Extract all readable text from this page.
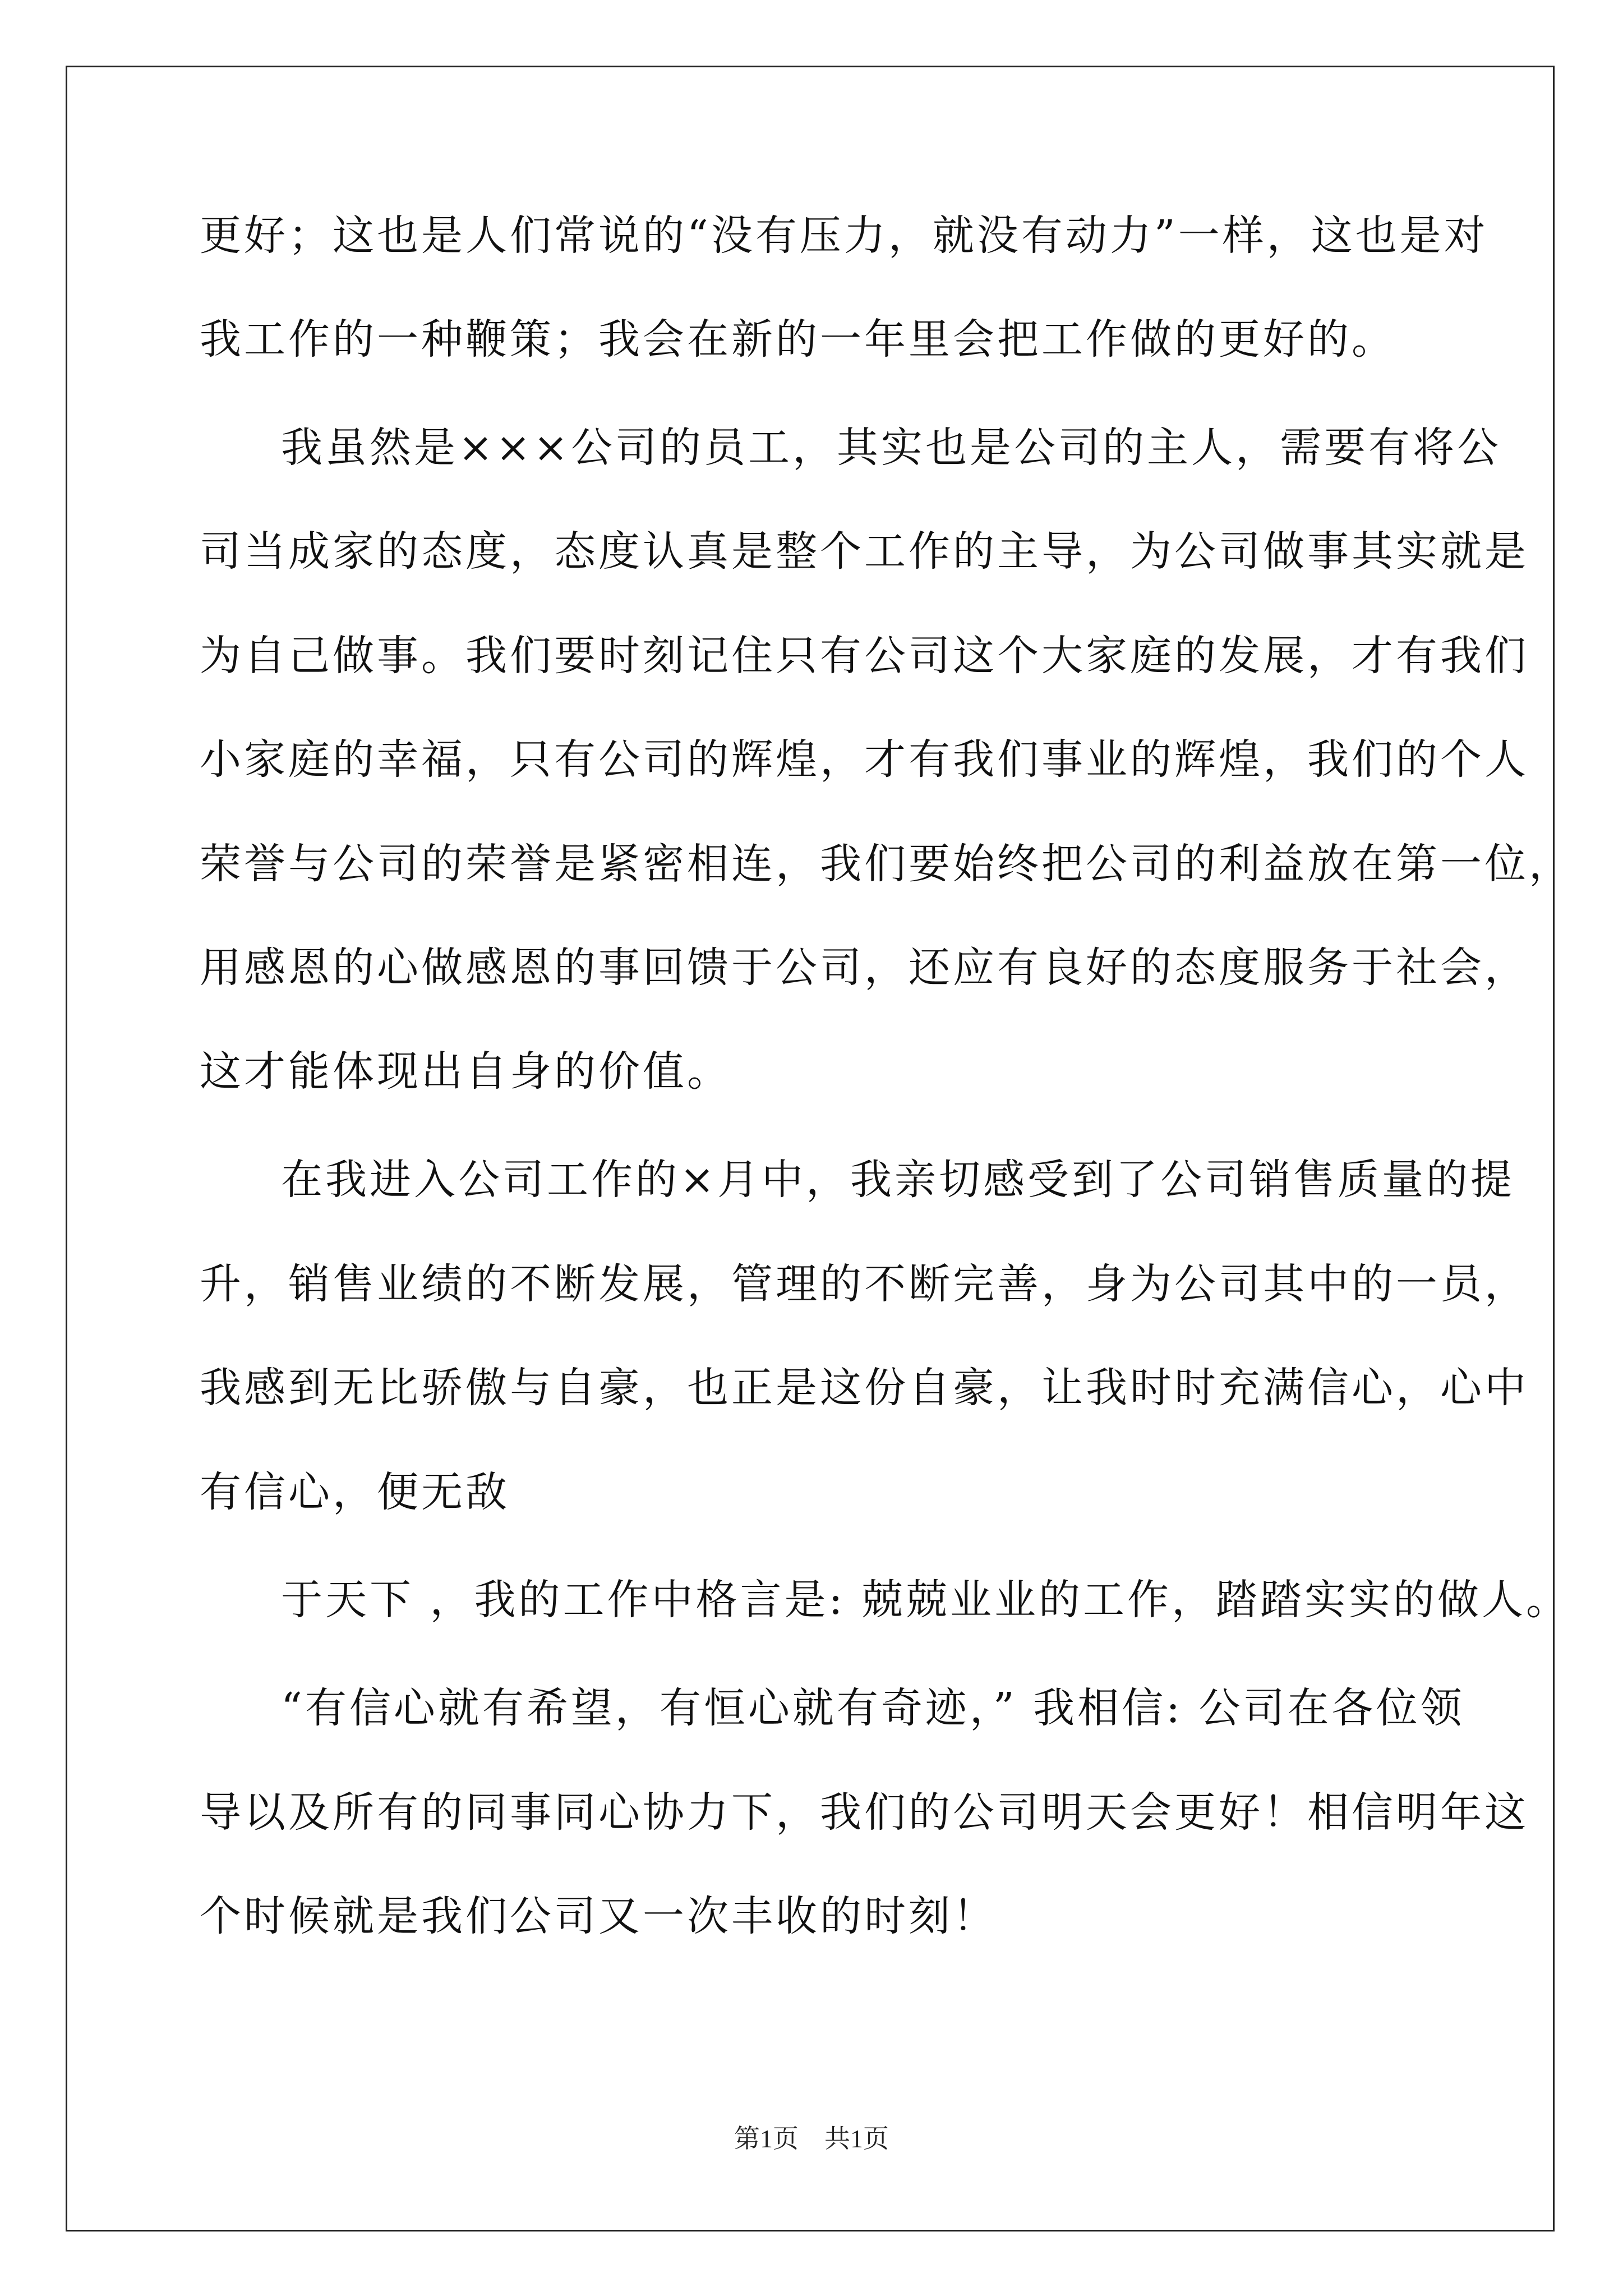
更好；这也是人们常说的“没有压力，就没有动力”一样，这也是对
我工作的一种鞭策；我会在新的一年里会把工作做的更好的。
我虽然是×××公司的员工，其实也是公司的主人，需要有将公
司当成家的态度，态度认真是整个工作的主导，为公司做事其实就是
为自己做事。我们要时刻记住只有公司这个大家庭的发展，才有我们
小家庭的幸福，只有公司的辉煌，才有我们事业的辉煌，我们的个人
荣誉与公司的荣誉是紧密相连，我们要始终把公司的利益放在第一位，
用感恩的心做感恩的事回馈于公司，还应有良好的态度服务于社会，
这才能体现出自身的价值。
在我进入公司工作的×月中，我亲切感受到了公司销售质量的提
升，销售业绩的不断发展，管理的不断完善，身为公司其中的一员，
我感到无比骄傲与自豪，也正是这份自豪，让我时时充满信心，心中
有信心，便无敌
于天下 ，我的工作中格言是: 兢兢业业的工作，踏踏实实的做人。
“有信心就有希望，有恒心就有奇迹，” 我相信: 公司在各位领
导以及所有的同事同心协力下，我们的公司明天会更好！相信明年这
个时候就是我们公司又一次丰收的时刻！
第1页　共1页
